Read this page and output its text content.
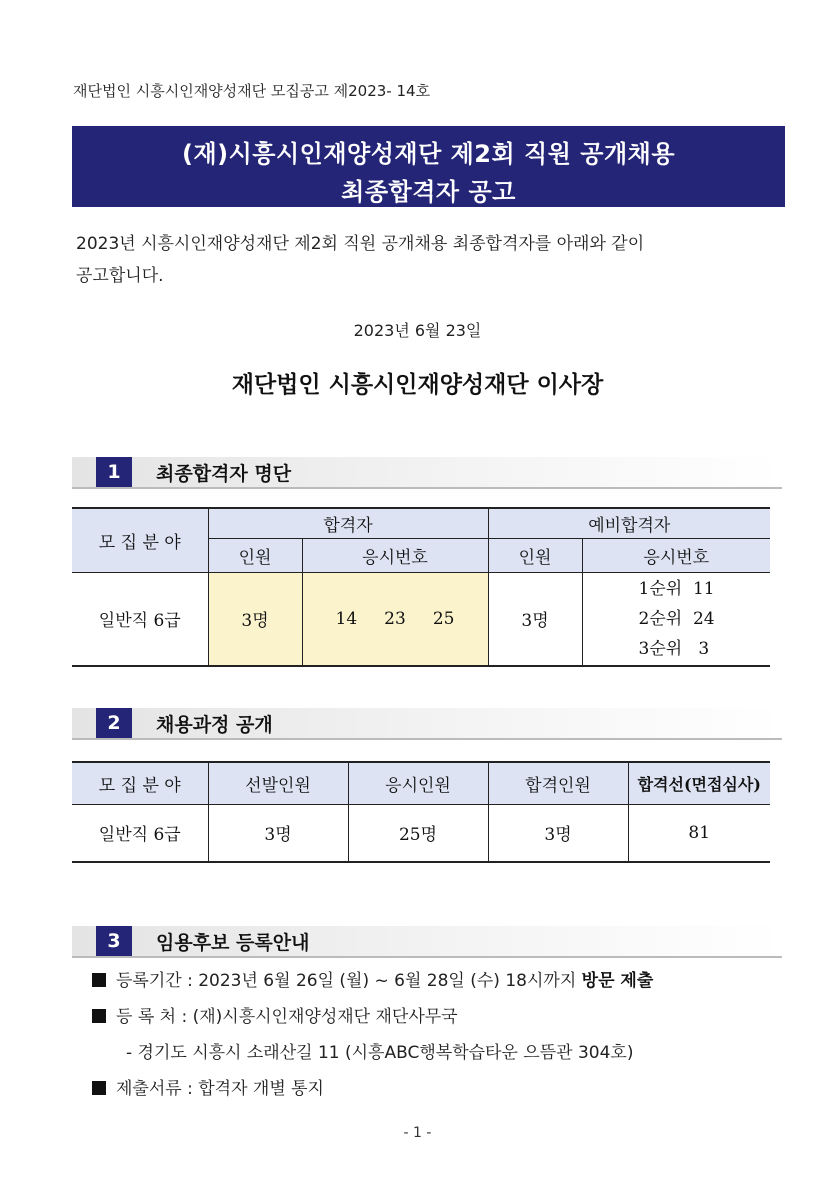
재단법인 시흥시인재양성재단 모집공고 제2023- 14호
(재)시흥시인재양성재단 제2회 직원 공개채용
최종합격자 공고
2023년 시흥시인재양성재단 제2회 직원 공개채용 최종합격자를 아래와 같이
공고합니다.
2023년 6월 23일
재단법인 시흥시인재양성재단 이사장
1	최종합격자 명단
모 집 분 야	합격자		예비합격자	
	인원	응시번호	인원	응시번호
일반직 6급	3명	14     23     25	3명	1순위  11
2순위  24
3순위   3
2	채용과정 공개
모 집 분 야	선발인원	응시인원	합격인원	합격선(면접심사)
일반직 6급	3명	25명	3명	81
3	임용후보 등록안내
등록기간 : 2023년 6월 26일 (월) ~ 6월 28일 (수) 18시까지 방문 제출
등 록 처 : (재)시흥시인재양성재단 재단사무국
- 경기도 시흥시 소래산길 11 (시흥ABC행복학습타운 으뜸관 304호)
제출서류 : 합격자 개별 통지
- 1 -
